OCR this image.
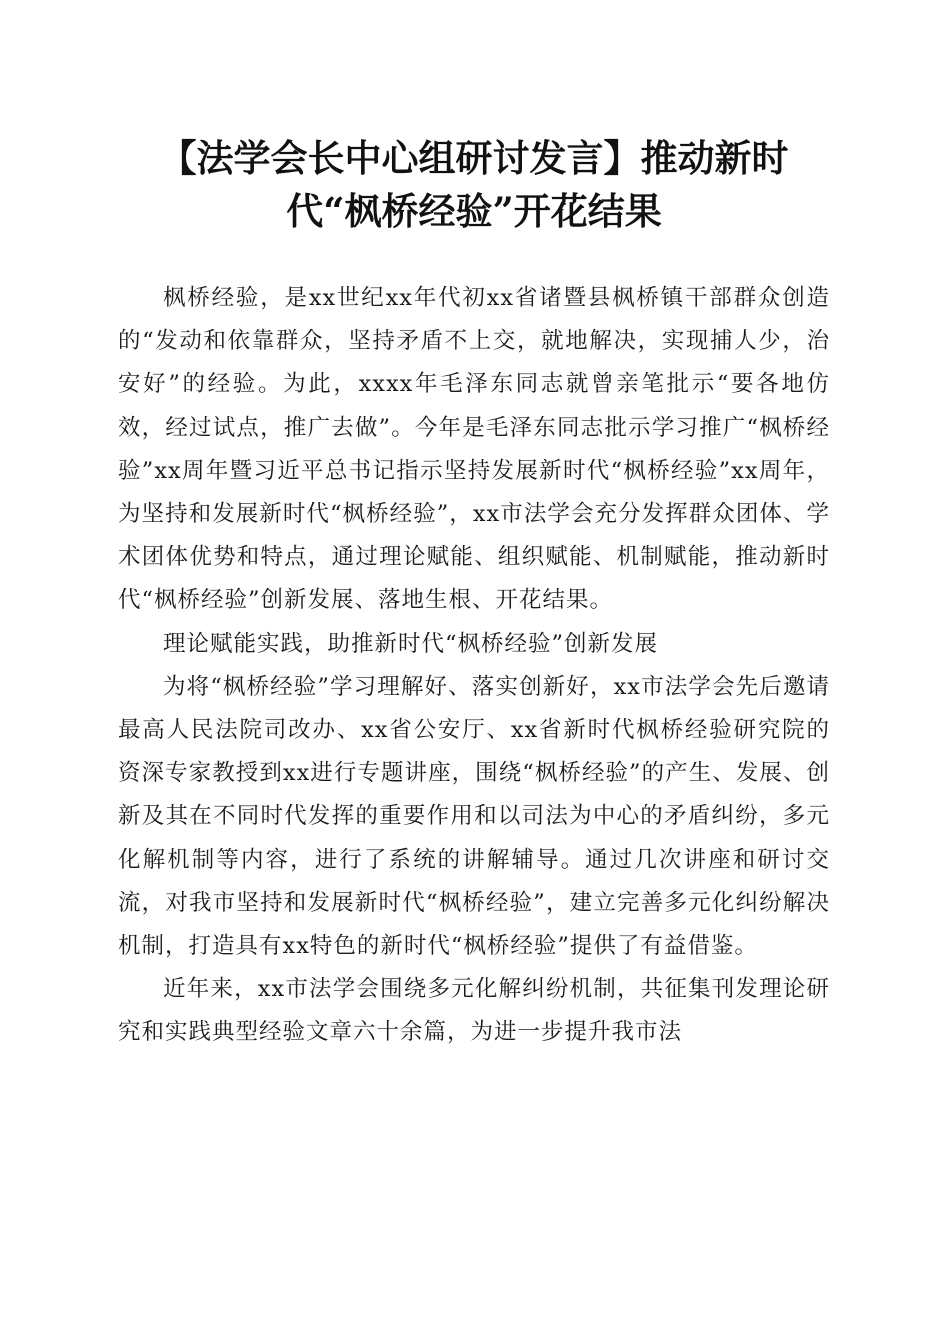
【法学会长中心组研讨发言】推动新时代“枫桥经验”开花结果

枫桥经验，是xx世纪xx年代初xx省诸暨县枫桥镇干部群众创造的“发动和依靠群众，坚持矛盾不上交，就地解决，实现捕人少，治安好”的经验。为此，xxxx年毛泽东同志就曾亲笔批示“要各地仿效，经过试点，推广去做”。今年是毛泽东同志批示学习推广“枫桥经验”xx周年暨习近平总书记指示坚持发展新时代“枫桥经验”xx周年，为坚持和发展新时代“枫桥经验”，xx市法学会充分发挥群众团体、学术团体优势和特点，通过理论赋能、组织赋能、机制赋能，推动新时代“枫桥经验”创新发展、落地生根、开花结果。

理论赋能实践，助推新时代“枫桥经验”创新发展

为将“枫桥经验”学习理解好、落实创新好，xx市法学会先后邀请最高人民法院司改办、xx省公安厅、xx省新时代枫桥经验研究院的资深专家教授到xx进行专题讲座，围绕“枫桥经验”的产生、发展、创新及其在不同时代发挥的重要作用和以司法为中心的矛盾纠纷，多元化解机制等内容，进行了系统的讲解辅导。通过几次讲座和研讨交流，对我市坚持和发展新时代“枫桥经验”，建立完善多元化纠纷解决机制，打造具有xx特色的新时代“枫桥经验”提供了有益借鉴。

近年来，xx市法学会围绕多元化解纠纷机制，共征集刊发理论研究和实践典型经验文章六十余篇，为进一步提升我市法
